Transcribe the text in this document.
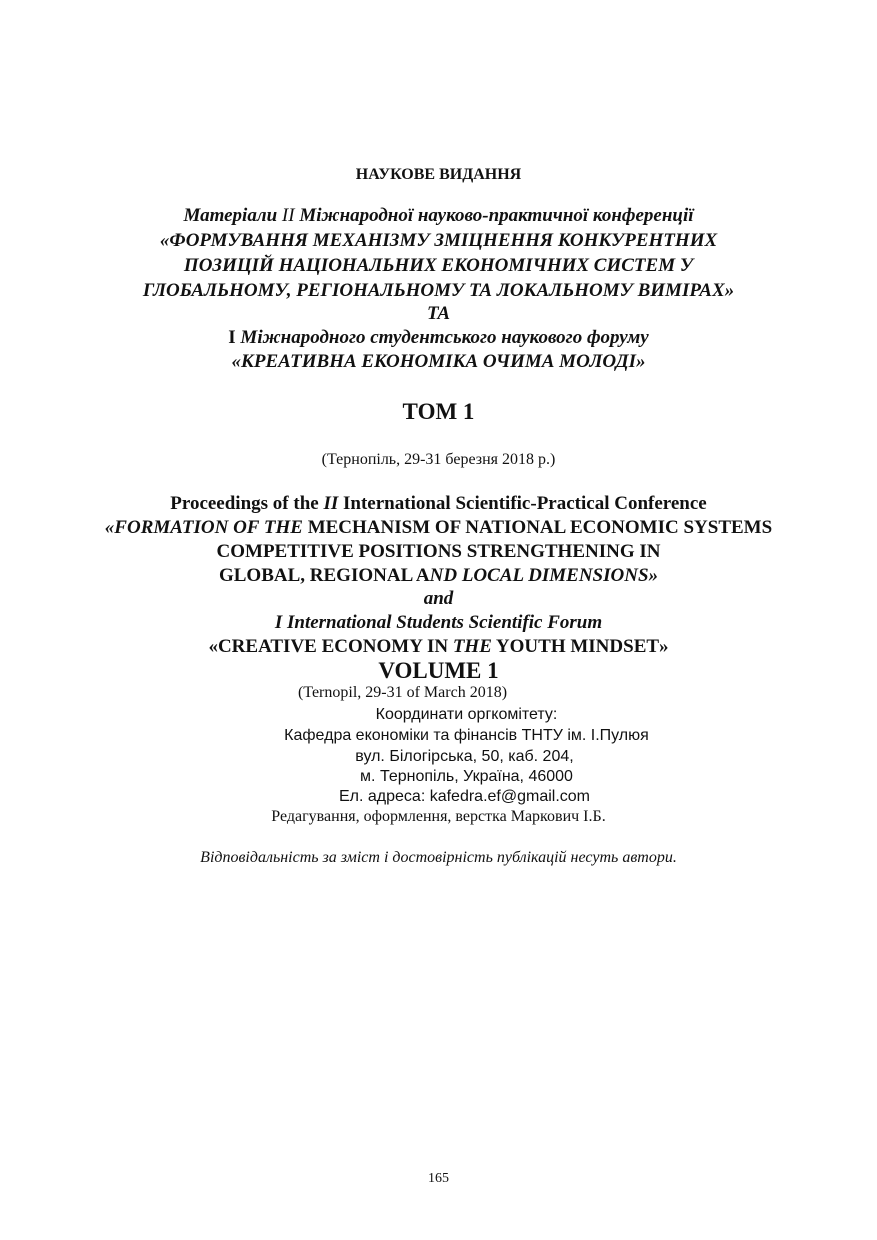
НАУКОВЕ ВИДАННЯ
Матеріали ІІ Міжнародної науково-практичної конференції
«ФОРМУВАННЯ МЕХАНІЗМУ ЗМІЦНЕННЯ КОНКУРЕНТНИХ
ПОЗИЦІЙ НАЦІОНАЛЬНИХ ЕКОНОМІЧНИХ СИСТЕМ У
ГЛОБАЛЬНОМУ, РЕГІОНАЛЬНОМУ ТА ЛОКАЛЬНОМУ ВИМІРАХ»
ТА
І Міжнародного студентського наукового форуму
«КРЕАТИВНА ЕКОНОМІКА ОЧИМА МОЛОДІ»
ТОМ 1
(Тернопіль, 29-31 березня 2018 р.)
Proceedings of the II International Scientific-Practical Conference
«FORMATION OF THE MECHANISM OF NATIONAL ECONOMIC SYSTEMS
COMPETITIVE POSITIONS STRENGTHENING IN
GLOBAL, REGIONAL AND LOCAL DIMENSIONS»
and
I International Students Scientific Forum
«CREATIVE ECONOMY IN THE YOUTH MINDSET»
VOLUME 1
(Ternopil, 29-31 of March 2018)
Координати оргкомітету:
Кафедра економіки та фінансів ТНТУ ім. І.Пулюя
вул. Білогірська, 50, каб. 204,
м. Тернопіль, Україна, 46000
Ел. адреса: kafedra.ef@gmail.com
Редагування, оформлення, верстка Маркович І.Б.
Відповідальність за зміст і достовірність публікацій несуть автори.
165
